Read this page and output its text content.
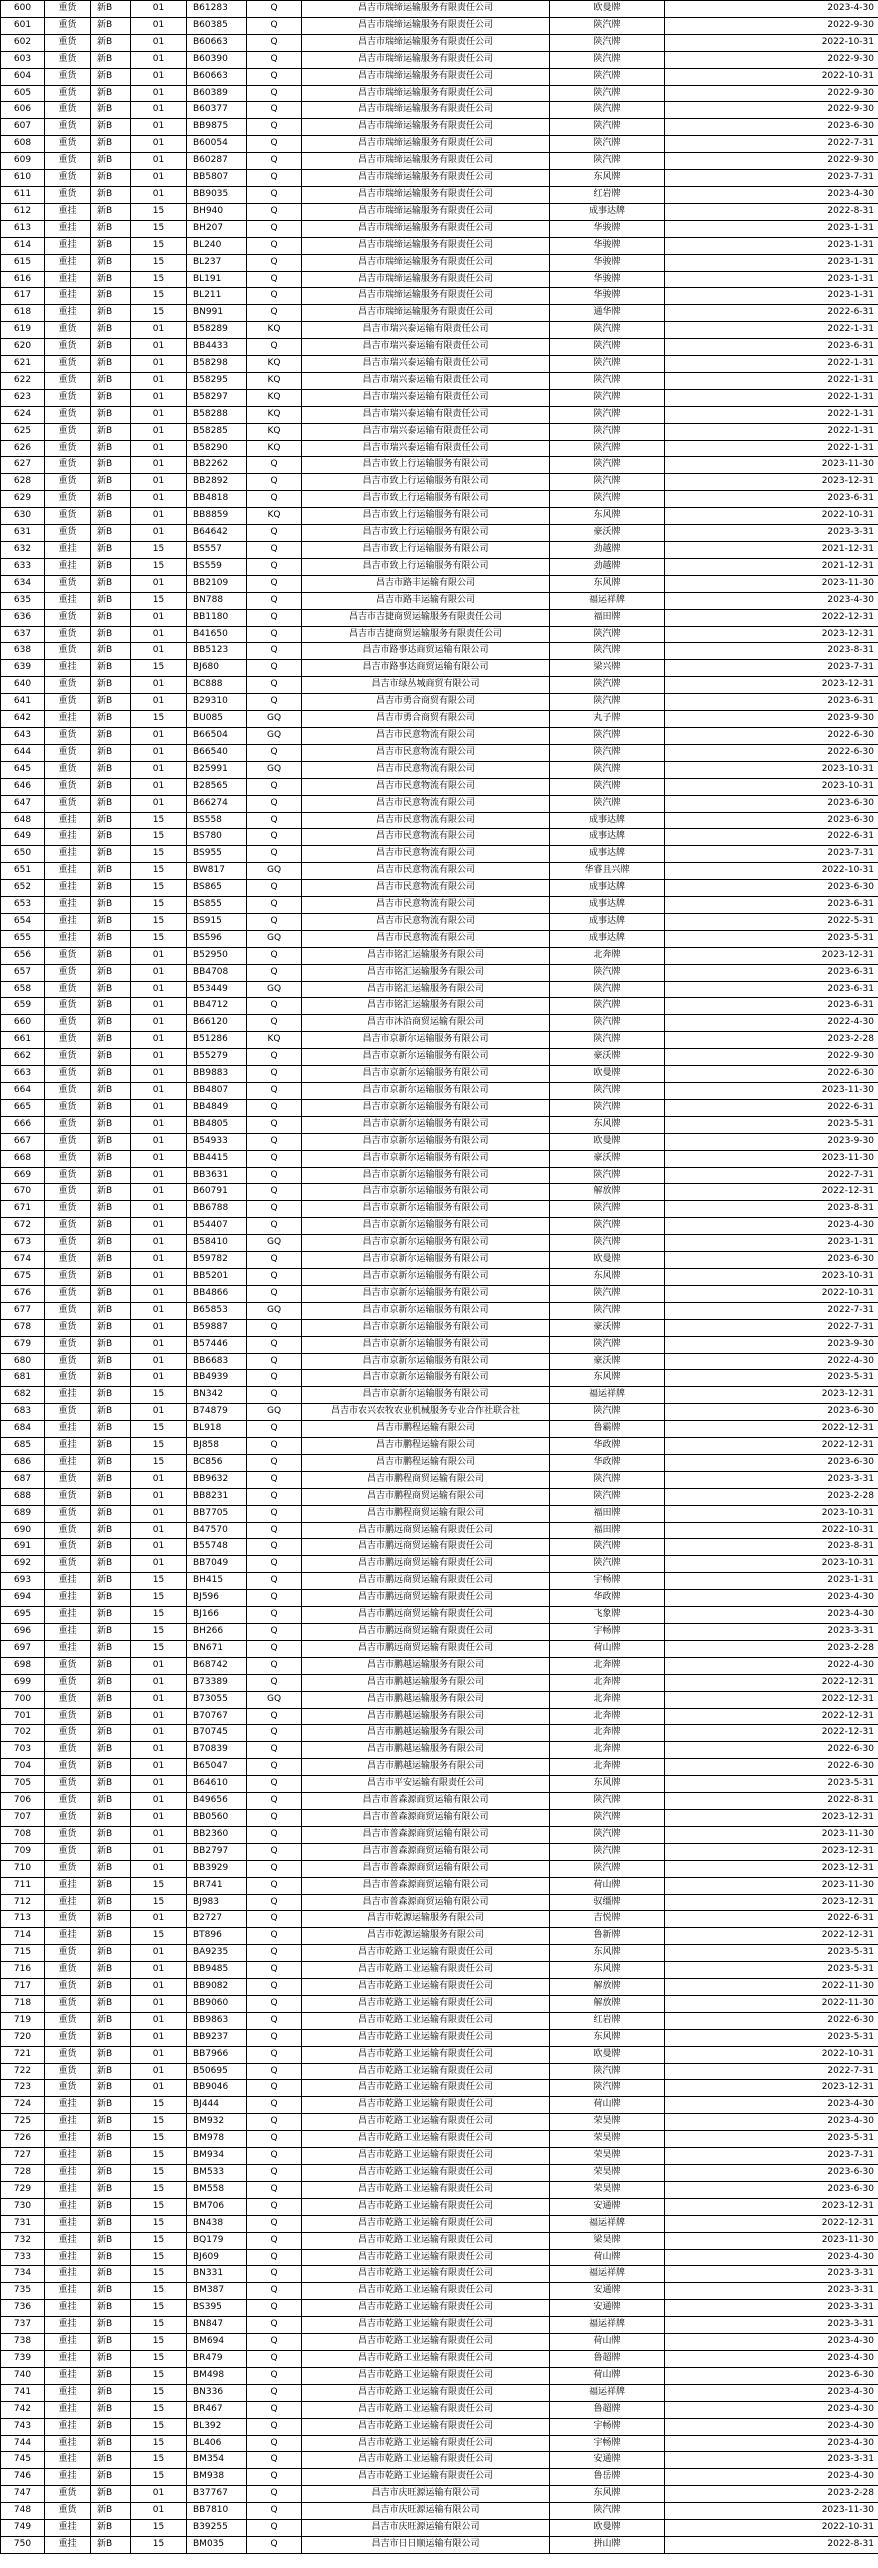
600	重货	新B	01	B61283	Q	昌吉市瑞缔运输服务有限责任公司	欧曼牌	2023-4-30
601	重货	新B	01	B60385	Q	昌吉市瑞缔运输服务有限责任公司	陕汽牌	2022-9-30
602	重货	新B	01	B60663	Q	昌吉市瑞缔运输服务有限责任公司	陕汽牌	2022-10-31
603	重货	新B	01	B60390	Q	昌吉市瑞缔运输服务有限责任公司	陕汽牌	2022-9-30
604	重货	新B	01	B60663	Q	昌吉市瑞缔运输服务有限责任公司	陕汽牌	2022-10-31
605	重货	新B	01	B60389	Q	昌吉市瑞缔运输服务有限责任公司	陕汽牌	2022-9-30
606	重货	新B	01	B60377	Q	昌吉市瑞缔运输服务有限责任公司	陕汽牌	2022-9-30
607	重货	新B	01	BB9875	Q	昌吉市瑞缔运输服务有限责任公司	陕汽牌	2023-6-30
608	重货	新B	01	B60054	Q	昌吉市瑞缔运输服务有限责任公司	陕汽牌	2022-7-31
609	重货	新B	01	B60287	Q	昌吉市瑞缔运输服务有限责任公司	陕汽牌	2022-9-30
610	重货	新B	01	BB5807	Q	昌吉市瑞缔运输服务有限责任公司	东风牌	2023-7-31
611	重货	新B	01	BB9035	Q	昌吉市瑞缔运输服务有限责任公司	红岩牌	2023-4-30
612	重挂	新B	15	BH940	Q	昌吉市瑞缔运输服务有限责任公司	成事达牌	2022-8-31
613	重挂	新B	15	BH207	Q	昌吉市瑞缔运输服务有限责任公司	华骏牌	2023-1-31
614	重挂	新B	15	BL240	Q	昌吉市瑞缔运输服务有限责任公司	华骏牌	2023-1-31
615	重挂	新B	15	BL237	Q	昌吉市瑞缔运输服务有限责任公司	华骏牌	2023-1-31
616	重挂	新B	15	BL191	Q	昌吉市瑞缔运输服务有限责任公司	华骏牌	2023-1-31
617	重挂	新B	15	BL211	Q	昌吉市瑞缔运输服务有限责任公司	华骏牌	2023-1-31
618	重挂	新B	15	BN991	Q	昌吉市瑞缔运输服务有限责任公司	通华牌	2022-6-31
619	重货	新B	01	B58289	KQ	昌吉市瑞兴泰运输有限责任公司	陕汽牌	2022-1-31
620	重货	新B	01	BB4433	Q	昌吉市瑞兴泰运输有限责任公司	陕汽牌	2023-6-31
621	重货	新B	01	B58298	KQ	昌吉市瑞兴泰运输有限责任公司	陕汽牌	2022-1-31
622	重货	新B	01	B58295	KQ	昌吉市瑞兴泰运输有限责任公司	陕汽牌	2022-1-31
623	重货	新B	01	B58297	KQ	昌吉市瑞兴泰运输有限责任公司	陕汽牌	2022-1-31
624	重货	新B	01	B58288	KQ	昌吉市瑞兴泰运输有限责任公司	陕汽牌	2022-1-31
625	重货	新B	01	B58285	KQ	昌吉市瑞兴泰运输有限责任公司	陕汽牌	2022-1-31
626	重货	新B	01	B58290	KQ	昌吉市瑞兴泰运输有限责任公司	陕汽牌	2022-1-31
627	重货	新B	01	BB2262	Q	昌吉市致上行运输服务有限公司	陕汽牌	2023-11-30
628	重货	新B	01	BB2892	Q	昌吉市致上行运输服务有限公司	陕汽牌	2023-12-31
629	重货	新B	01	BB4818	Q	昌吉市致上行运输服务有限公司	陕汽牌	2023-6-31
630	重货	新B	01	BB8859	KQ	昌吉市致上行运输服务有限公司	东风牌	2022-10-31
631	重货	新B	01	B64642	Q	昌吉市致上行运输服务有限公司	豪沃牌	2023-3-31
632	重挂	新B	15	BS557	Q	昌吉市致上行运输服务有限公司	劲越牌	2021-12-31
633	重挂	新B	15	BS559	Q	昌吉市致上行运输服务有限公司	劲越牌	2021-12-31
634	重货	新B	01	BB2109	Q	昌吉市路丰运输有限公司	东风牌	2023-11-30
635	重挂	新B	15	BN788	Q	昌吉市路丰运输有限公司	福运祥牌	2023-4-30
636	重货	新B	01	BB1180	Q	昌吉市吉捷商贸运输服务有限责任公司	福田牌	2022-12-31
637	重货	新B	01	B41650	Q	昌吉市吉捷商贸运输服务有限责任公司	陕汽牌	2023-12-31
638	重货	新B	01	BB5123	Q	昌吉市路事达商贸运输有限公司	陕汽牌	2023-8-31
639	重挂	新B	15	BJ680	Q	昌吉市路事达商贸运输有限公司	梁兴牌	2023-7-31
640	重货	新B	01	BC888	Q	昌吉市绿丛城商贸有限公司	陕汽牌	2023-12-31
641	重货	新B	01	B29310	Q	昌吉市勇合商贸有限公司	陕汽牌	2023-6-31
642	重挂	新B	15	BU085	GQ	昌吉市勇合商贸有限公司	丸子牌	2023-9-30
643	重货	新B	01	B66504	GQ	昌吉市民意物流有限公司	陕汽牌	2022-6-30
644	重货	新B	01	B66540	Q	昌吉市民意物流有限公司	陕汽牌	2022-6-30
645	重货	新B	01	B25991	GQ	昌吉市民意物流有限公司	陕汽牌	2023-10-31
646	重货	新B	01	B28565	Q	昌吉市民意物流有限公司	陕汽牌	2023-10-31
647	重货	新B	01	B66274	Q	昌吉市民意物流有限公司	陕汽牌	2023-6-30
648	重挂	新B	15	BS558	Q	昌吉市民意物流有限公司	成事达牌	2023-6-30
649	重挂	新B	15	BS780	Q	昌吉市民意物流有限公司	成事达牌	2022-6-31
650	重挂	新B	15	BS955	Q	昌吉市民意物流有限公司	成事达牌	2023-7-31
651	重挂	新B	15	BW817	GQ	昌吉市民意物流有限公司	华睿且兴牌	2022-10-31
652	重挂	新B	15	BS865	Q	昌吉市民意物流有限公司	成事达牌	2023-6-30
653	重挂	新B	15	BS855	Q	昌吉市民意物流有限公司	成事达牌	2023-6-31
654	重挂	新B	15	BS915	Q	昌吉市民意物流有限公司	成事达牌	2022-5-31
655	重挂	新B	15	BS596	GQ	昌吉市民意物流有限公司	成事达牌	2023-5-31
656	重货	新B	01	B52950	Q	昌吉市铭汇运输服务有限公司	北奔牌	2023-12-31
657	重货	新B	01	BB4708	Q	昌吉市铭汇运输服务有限公司	陕汽牌	2023-6-31
658	重货	新B	01	B53449	GQ	昌吉市铭汇运输服务有限公司	陕汽牌	2023-6-31
659	重货	新B	01	BB4712	Q	昌吉市铭汇运输服务有限公司	陕汽牌	2023-6-31
660	重货	新B	01	B66120	Q	昌吉市沐沿商贸运输有限公司	陕汽牌	2022-4-30
661	重货	新B	01	B51286	KQ	昌吉市京新尔运输服务有限公司	陕汽牌	2023-2-28
662	重货	新B	01	B55279	Q	昌吉市京新尔运输服务有限公司	豪沃牌	2022-9-30
663	重货	新B	01	BB9883	Q	昌吉市京新尔运输服务有限公司	欧曼牌	2022-6-30
664	重货	新B	01	BB4807	Q	昌吉市京新尔运输服务有限公司	陕汽牌	2023-11-30
665	重货	新B	01	BB4849	Q	昌吉市京新尔运输服务有限公司	陕汽牌	2022-6-31
666	重货	新B	01	BB4805	Q	昌吉市京新尔运输服务有限公司	东风牌	2023-5-31
667	重货	新B	01	B54933	Q	昌吉市京新尔运输服务有限公司	欧曼牌	2023-9-30
668	重货	新B	01	BB4415	Q	昌吉市京新尔运输服务有限公司	豪沃牌	2023-11-30
669	重货	新B	01	BB3631	Q	昌吉市京新尔运输服务有限公司	陕汽牌	2022-7-31
670	重货	新B	01	B60791	Q	昌吉市京新尔运输服务有限公司	解放牌	2022-12-31
671	重货	新B	01	BB6788	Q	昌吉市京新尔运输服务有限公司	陕汽牌	2023-8-31
672	重货	新B	01	B54407	Q	昌吉市京新尔运输服务有限公司	陕汽牌	2023-4-30
673	重货	新B	01	B58410	GQ	昌吉市京新尔运输服务有限公司	陕汽牌	2023-1-31
674	重货	新B	01	B59782	Q	昌吉市京新尔运输服务有限公司	欧曼牌	2023-6-30
675	重货	新B	01	BB5201	Q	昌吉市京新尔运输服务有限公司	东风牌	2023-10-31
676	重货	新B	01	BB4866	Q	昌吉市京新尔运输服务有限公司	陕汽牌	2022-10-31
677	重货	新B	01	B65853	GQ	昌吉市京新尔运输服务有限公司	陕汽牌	2022-7-31
678	重货	新B	01	B59887	Q	昌吉市京新尔运输服务有限公司	豪沃牌	2022-7-31
679	重货	新B	01	B57446	Q	昌吉市京新尔运输服务有限公司	陕汽牌	2023-9-30
680	重货	新B	01	BB6683	Q	昌吉市京新尔运输服务有限公司	豪沃牌	2022-4-30
681	重货	新B	01	BB4939	Q	昌吉市京新尔运输服务有限公司	东风牌	2023-5-31
682	重挂	新B	15	BN342	Q	昌吉市京新尔运输服务有限公司	福运祥牌	2023-12-31
683	重货	新B	01	B74879	GQ	昌吉市农兴农牧农业机械服务专业合作社联合社	陕汽牌	2023-6-30
684	重挂	新B	15	BL918	Q	昌吉市鹏程运输有限公司	鲁霸牌	2022-12-31
685	重挂	新B	15	BJ858	Q	昌吉市鹏程运输有限公司	华政牌	2022-12-31
686	重挂	新B	15	BC856	Q	昌吉市鹏程运输有限公司	华政牌	2023-6-30
687	重货	新B	01	BB9632	Q	昌吉市鹏程商贸运输有限公司	陕汽牌	2023-3-31
688	重货	新B	01	BB8231	Q	昌吉市鹏程商贸运输有限公司	陕汽牌	2023-2-28
689	重货	新B	01	BB7705	Q	昌吉市鹏程商贸运输有限公司	福田牌	2023-10-31
690	重货	新B	01	B47570	Q	昌吉市鹏远商贸运输有限责任公司	福田牌	2022-10-31
691	重货	新B	01	B55748	Q	昌吉市鹏远商贸运输有限责任公司	陕汽牌	2023-8-31
692	重货	新B	01	BB7049	Q	昌吉市鹏远商贸运输有限责任公司	陕汽牌	2023-10-31
693	重挂	新B	15	BH415	Q	昌吉市鹏远商贸运输有限责任公司	宇畅牌	2023-1-31
694	重挂	新B	15	BJ596	Q	昌吉市鹏远商贸运输有限责任公司	华政牌	2023-4-30
695	重挂	新B	15	BJ166	Q	昌吉市鹏远商贸运输有限责任公司	飞象牌	2023-4-30
696	重挂	新B	15	BH266	Q	昌吉市鹏远商贸运输有限责任公司	宇畅牌	2023-3-31
697	重挂	新B	15	BN671	Q	昌吉市鹏远商贸运输有限责任公司	荷山牌	2023-2-28
698	重货	新B	01	B68742	Q	昌吉市鹏越运输服务有限公司	北奔牌	2022-4-30
699	重货	新B	01	B73389	Q	昌吉市鹏越运输服务有限公司	北奔牌	2022-12-31
700	重货	新B	01	B73055	GQ	昌吉市鹏越运输服务有限公司	北奔牌	2022-12-31
701	重货	新B	01	B70767	Q	昌吉市鹏越运输服务有限公司	北奔牌	2022-12-31
702	重货	新B	01	B70745	Q	昌吉市鹏越运输服务有限公司	北奔牌	2022-12-31
703	重货	新B	01	B70839	Q	昌吉市鹏越运输服务有限公司	北奔牌	2022-6-30
704	重货	新B	01	B65047	Q	昌吉市鹏越运输服务有限公司	北奔牌	2022-6-30
705	重货	新B	01	B64610	Q	昌吉市平安运输有限责任公司	东风牌	2023-5-31
706	重货	新B	01	B49656	Q	昌吉市普森源商贸运输有限公司	陕汽牌	2022-8-31
707	重货	新B	01	BB0560	Q	昌吉市普森源商贸运输有限公司	陕汽牌	2023-12-31
708	重货	新B	01	BB2360	Q	昌吉市普森源商贸运输有限公司	陕汽牌	2023-11-30
709	重货	新B	01	BB2797	Q	昌吉市普森源商贸运输有限公司	陕汽牌	2023-12-31
710	重货	新B	01	BB3929	Q	昌吉市普森源商贸运输有限公司	陕汽牌	2023-12-31
711	重挂	新B	15	BR741	Q	昌吉市普森源商贸运输有限公司	荷山牌	2023-11-30
712	重挂	新B	15	BJ983	Q	昌吉市普森源商贸运输有限公司	驭缰牌	2023-12-31
713	重货	新B	01	B2727	Q	昌吉市乾源运输服务有限公司	吉悦牌	2022-6-31
714	重挂	新B	15	BT896	Q	昌吉市乾源运输服务有限公司	鲁新牌	2022-12-31
715	重货	新B	01	BA9235	Q	昌吉市乾路工业运输有限责任公司	东风牌	2023-5-31
716	重货	新B	01	BB9485	Q	昌吉市乾路工业运输有限责任公司	东风牌	2023-5-31
717	重货	新B	01	BB9082	Q	昌吉市乾路工业运输有限责任公司	解放牌	2022-11-30
718	重货	新B	01	BB9060	Q	昌吉市乾路工业运输有限责任公司	解放牌	2022-11-30
719	重货	新B	01	BB9863	Q	昌吉市乾路工业运输有限责任公司	红岩牌	2022-6-30
720	重货	新B	01	BB9237	Q	昌吉市乾路工业运输有限责任公司	东风牌	2023-5-31
721	重货	新B	01	BB7966	Q	昌吉市乾路工业运输有限责任公司	欧曼牌	2022-10-31
722	重货	新B	01	B50695	Q	昌吉市乾路工业运输有限责任公司	陕汽牌	2022-7-31
723	重货	新B	01	BB9046	Q	昌吉市乾路工业运输有限责任公司	陕汽牌	2023-12-31
724	重挂	新B	15	BJ444	Q	昌吉市乾路工业运输有限责任公司	荷山牌	2023-4-30
725	重挂	新B	15	BM932	Q	昌吉市乾路工业运输有限责任公司	荣昊牌	2023-4-30
726	重挂	新B	15	BM978	Q	昌吉市乾路工业运输有限责任公司	荣昊牌	2023-5-31
727	重挂	新B	15	BM934	Q	昌吉市乾路工业运输有限责任公司	荣昊牌	2023-7-31
728	重挂	新B	15	BM533	Q	昌吉市乾路工业运输有限责任公司	荣昊牌	2023-6-30
729	重挂	新B	15	BM558	Q	昌吉市乾路工业运输有限责任公司	荣昊牌	2023-6-30
730	重挂	新B	15	BM706	Q	昌吉市乾路工业运输有限责任公司	安通牌	2023-12-31
731	重挂	新B	15	BN438	Q	昌吉市乾路工业运输有限责任公司	福运祥牌	2022-12-31
732	重挂	新B	15	BQ179	Q	昌吉市乾路工业运输有限责任公司	梁昊牌	2023-11-30
733	重挂	新B	15	BJ609	Q	昌吉市乾路工业运输有限责任公司	荷山牌	2023-4-30
734	重挂	新B	15	BN331	Q	昌吉市乾路工业运输有限责任公司	福运祥牌	2023-3-31
735	重挂	新B	15	BM387	Q	昌吉市乾路工业运输有限责任公司	安通牌	2023-3-31
736	重挂	新B	15	BS395	Q	昌吉市乾路工业运输有限责任公司	安通牌	2023-3-31
737	重挂	新B	15	BN847	Q	昌吉市乾路工业运输有限责任公司	福运祥牌	2023-3-31
738	重挂	新B	15	BM694	Q	昌吉市乾路工业运输有限责任公司	荷山牌	2023-4-30
739	重挂	新B	15	BR479	Q	昌吉市乾路工业运输有限责任公司	鲁超牌	2023-4-30
740	重挂	新B	15	BM498	Q	昌吉市乾路工业运输有限责任公司	荷山牌	2023-6-30
741	重挂	新B	15	BN336	Q	昌吉市乾路工业运输有限责任公司	福运祥牌	2023-4-30
742	重挂	新B	15	BR467	Q	昌吉市乾路工业运输有限责任公司	鲁超牌	2023-4-30
743	重挂	新B	15	BL392	Q	昌吉市乾路工业运输有限责任公司	宇畅牌	2023-4-30
744	重挂	新B	15	BL406	Q	昌吉市乾路工业运输有限责任公司	宇畅牌	2023-4-30
745	重挂	新B	15	BM354	Q	昌吉市乾路工业运输有限责任公司	安通牌	2023-3-31
746	重挂	新B	15	BM938	Q	昌吉市乾路工业运输有限责任公司	鲁岳牌	2023-4-30
747	重货	新B	01	B37767	Q	昌吉市庆旺源运输有限公司	东风牌	2023-2-28
748	重货	新B	01	BB7810	Q	昌吉市庆旺源运输有限公司	陕汽牌	2023-11-30
749	重挂	新B	15	B39255	Q	昌吉市庆旺源运输有限公司	欧曼牌	2022-10-31
750	重挂	新B	15	BM035	Q	昌吉市日日顺运输有限公司	拼山牌	2022-8-31
